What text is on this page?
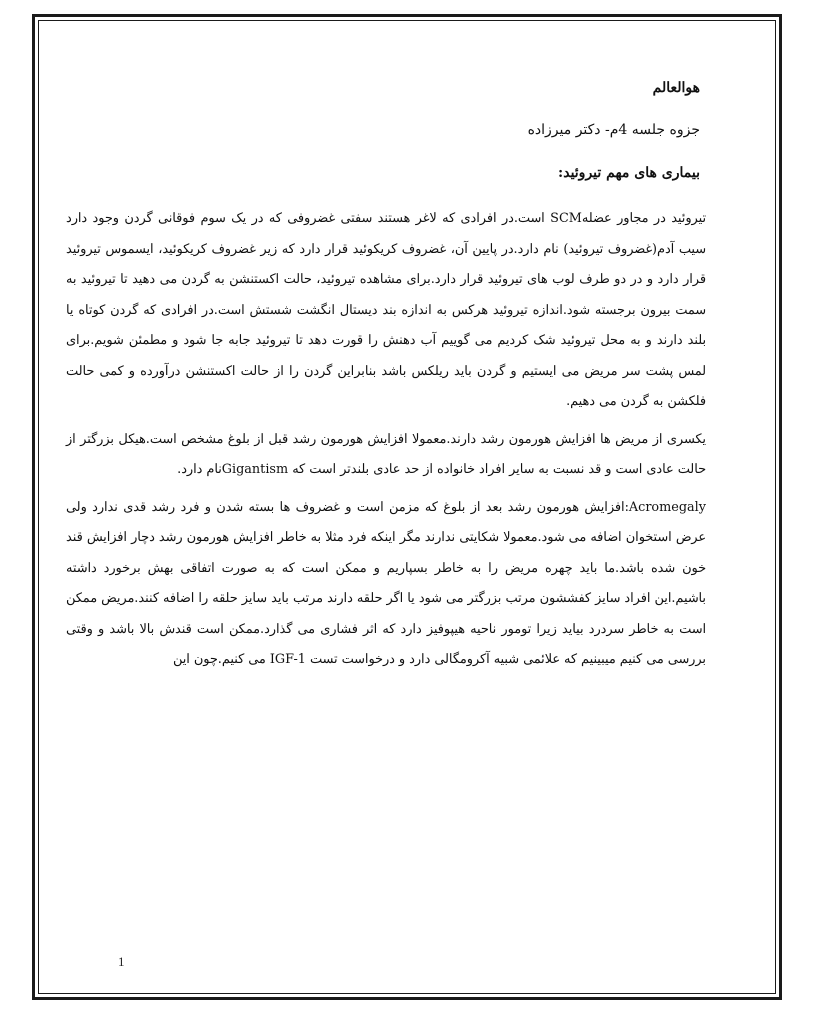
هوالعالم
جزوه جلسه 4م- دکتر میرزاده
بیماری های مهم تیروئید:

تیروئید در مجاور عضلهSCM است.در افرادی که لاغر هستند سفتی غضروفی که در یک سوم فوقانی گردن وجود دارد سیب آدم(غضروف تیروئید) نام دارد.در پایین آن، غضروف کریکوئید قرار دارد که زیر غضروف کریکوئید، ایسموس تیروئید قرار دارد و در دو طرف لوب های تیروئید قرار دارد.برای مشاهده تیروئید، حالت اکستنشن به گردن می دهید تا تیروئید به سمت بیرون برجسته شود.اندازه تیروئید هرکس به اندازه بند دیستال انگشت شستش است.در افرادی که گردن کوتاه یا بلند دارند و به محل تیروئید شک کردیم می گوییم آب دهنش را قورت دهد تا تیروئید جابه جا شود و مطمئن شویم.برای لمس پشت سر مریض می ایستیم و گردن باید ریلکس باشد بنابراین گردن را از حالت اکستنشن درآورده و کمی حالت فلکشن به گردن می دهیم.

یکسری از مریض ها افزایش هورمون رشد دارند.معمولا افزایش هورمون رشد قبل از بلوغ مشخص است.هیکل بزرگتر از حالت عادی است و قد نسبت به سایر افراد خانواده از حد عادی بلندتر است که Gigantismنام دارد.

Acromegaly:افزایش هورمون رشد بعد از بلوغ که مزمن است و غضروف ها بسته شدن و فرد رشد قدی ندارد ولی عرض استخوان اضافه می شود.معمولا شکایتی ندارند مگر اینکه فرد مثلا به خاطر افزایش هورمون رشد دچار افزایش قند خون شده باشد.ما باید چهره مریض را به خاطر بسپاریم و ممکن است که به صورت اتفاقی بهش برخورد داشته باشیم.این افراد سایز کفششون مرتب بزرگتر می شود یا اگر حلقه دارند مرتب باید سایز حلقه را اضافه کنند.مریض ممکن است به خاطر سردرد بیاید زیرا تومور ناحیه هیپوفیز دارد که اثر فشاری می گذارد.ممکن است قندش بالا باشد و وقتی بررسی می کنیم میبینیم که علائمی شبیه آکرومگالی دارد و درخواست تست IGF-1 می کنیم.چون این

1
